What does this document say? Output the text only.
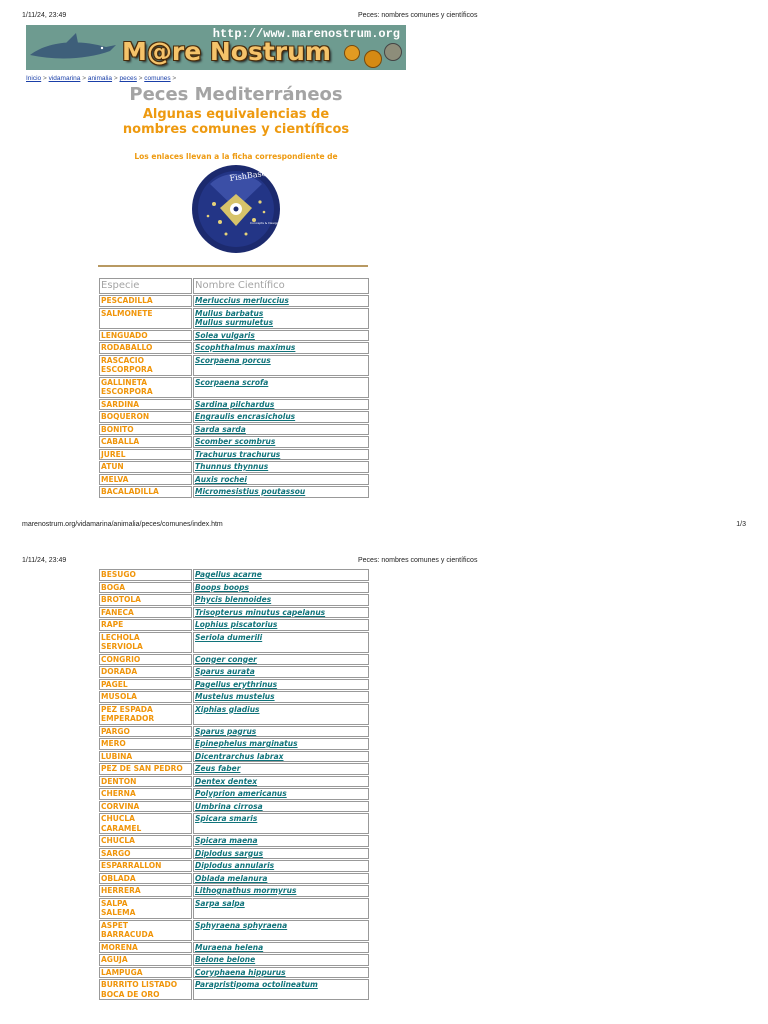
1/11/24, 23:49	Peces: nombres comunes y científicos
http://www.marenostrum.org
M@re Nostrum
Inicio > vidamarina > animalia > peces > comunes >
Peces Mediterráneos
Algunas equivalencias de
nombres comunes y científicos
Los enlaces llevan a la ficha correspondiente de
FishBase 99
Concepts & Design
Especie	Nombre Científico

PESCADILLA	Merluccius merluccius

SALMONETE	Mullus barbatus
Mullus surmuletus

LENGUADO	Solea vulgaris

RODABALLO	Scophthalmus maximus

RASCACIO
ESCORPORA	Scorpaena porcus

GALLINETA
ESCORPORA	Scorpaena scrofa

SARDINA	Sardina pilchardus

BOQUERON	Engraulis encrasicholus

BONITO	Sarda sarda

CABALLA	Scomber scombrus

JUREL	Trachurus trachurus

ATUN	Thunnus thynnus

MELVA	Auxis rochei

BACALADILLA	Micromesistius poutassou
marenostrum.org/vidamarina/animalia/peces/comunes/index.htm	1/3
1/11/24, 23:49	Peces: nombres comunes y científicos
BESUGO	Pagellus acarne

BOGA	Boops boops

BROTOLA	Phycis blennoides

FANECA	Trisopterus minutus capelanus

RAPE	Lophius piscatorius

LECHOLA
SERVIOLA	Seriola dumerili

CONGRIO	Conger conger

DORADA	Sparus aurata

PAGEL	Pagellus erythrinus

MUSOLA	Mustelus mustelus

PEZ ESPADA
EMPERADOR	Xiphias gladius

PARGO	Sparus pagrus

MERO	Epinephelus marginatus

LUBINA	Dicentrarchus labrax

PEZ DE SAN PEDRO	Zeus faber

DENTON	Dentex dentex

CHERNA	Polyprion americanus

CORVINA	Umbrina cirrosa

CHUCLA
CARAMEL	Spicara smaris

CHUCLA	Spicara maena

SARGO	Diplodus sargus

ESPARRALLON	Diplodus annularis

OBLADA	Oblada melanura

HERRERA	Lithognathus mormyrus

SALPA
SALEMA	Sarpa salpa

ASPET
BARRACUDA	Sphyraena sphyraena

MORENA	Muraena helena

AGUJA	Belone belone

LAMPUGA	Coryphaena hippurus

BURRITO LISTADO
BOCA DE ORO	Parapristipoma octolineatum
